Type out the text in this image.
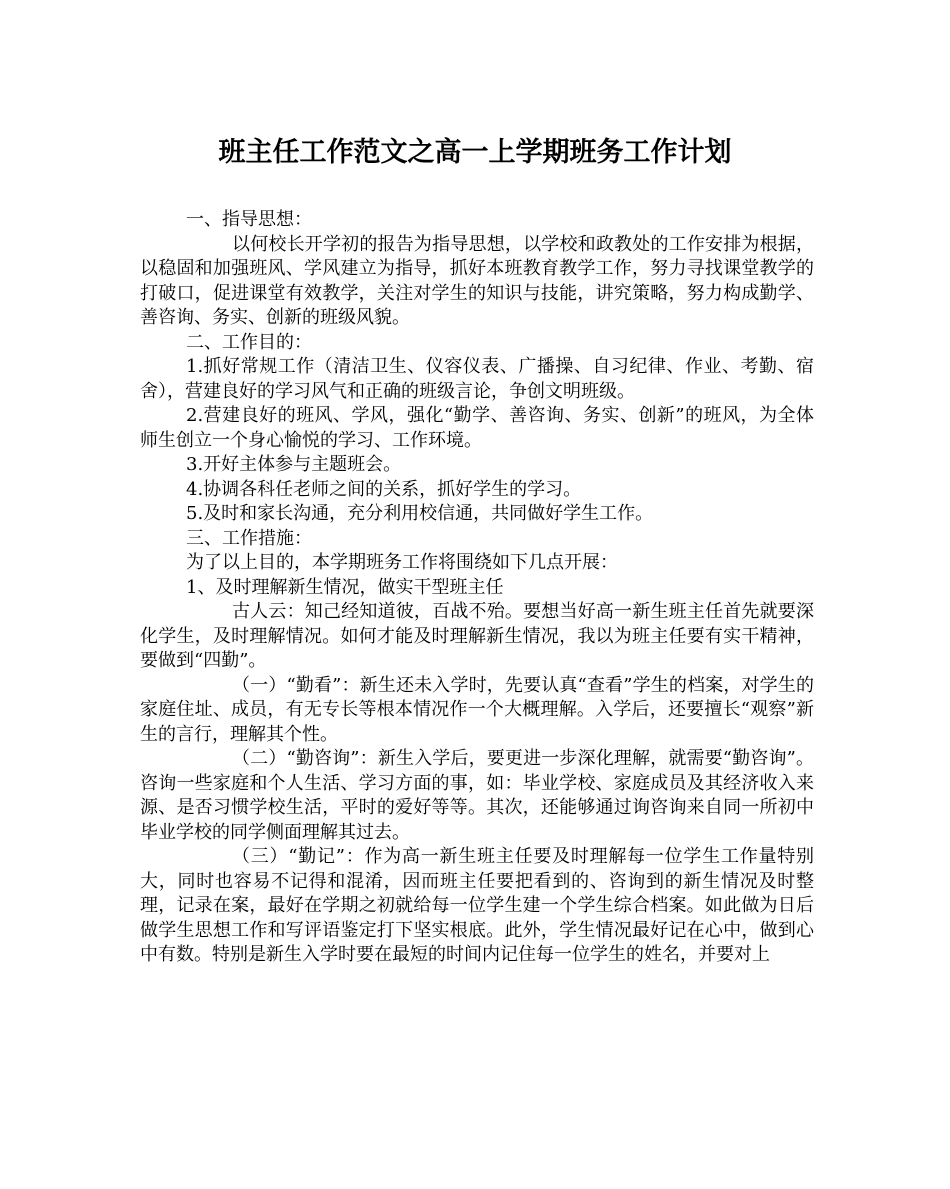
班主任工作范文之高一上学期班务工作计划

一、指导思想：

以何校长开学初的报告为指导思想，以学校和政教处的工作安排为根据，以稳固和加强班风、学风建立为指导，抓好本班教育教学工作，努力寻找课堂教学的打破口，促进课堂有效教学，关注对学生的知识与技能，讲究策略，努力构成勤学、善咨询、务实、创新的班级风貌。

二、工作目的：

1.抓好常规工作（清洁卫生、仪容仪表、广播操、自习纪律、作业、考勤、宿舍），营建良好的学习风气和正确的班级言论，争创文明班级。

2.营建良好的班风、学风，强化“勤学、善咨询、务实、创新”的班风，为全体师生创立一个身心愉悦的学习、工作环境。

3.开好主体参与主题班会。

4.协调各科任老师之间的关系，抓好学生的学习。

5.及时和家长沟通，充分利用校信通，共同做好学生工作。

三、工作措施：

为了以上目的，本学期班务工作将围绕如下几点开展：

1、及时理解新生情况，做实干型班主任

古人云：知己经知道彼，百战不殆。要想当好高一新生班主任首先就要深化学生，及时理解情况。如何才能及时理解新生情况，我以为班主任要有实干精神，要做到“四勤”。

（一）“勤看”：新生还未入学时，先要认真“查看”学生的档案，对学生的家庭住址、成员，有无专长等根本情况作一个大概理解。入学后，还要擅长“观察”新生的言行，理解其个性。

（二）“勤咨询”：新生入学后，要更进一步深化理解，就需要“勤咨询”。咨询一些家庭和个人生活、学习方面的事，如：毕业学校、家庭成员及其经济收入来源、是否习惯学校生活，平时的爱好等等。其次，还能够通过询咨询来自同一所初中毕业学校的同学侧面理解其过去。

（三）“勤记”：作为高一新生班主任要及时理解每一位学生工作量特别大，同时也容易不记得和混淆，因而班主任要把看到的、咨询到的新生情况及时整理，记录在案，最好在学期之初就给每一位学生建一个学生综合档案。如此做为日后做学生思想工作和写评语鉴定打下坚实根底。此外，学生情况最好记在心中，做到心中有数。特别是新生入学时要在最短的时间内记住每一位学生的姓名，并要对上
